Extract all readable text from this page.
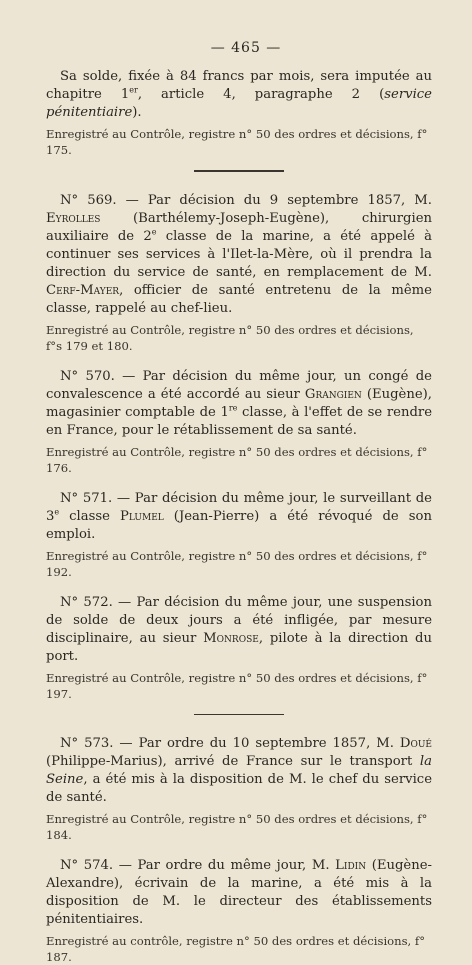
— 465 —

Sa solde, fixée à 84 francs par mois, sera imputée au chapitre 1er, article 4, paragraphe 2 (service pénitentiaire).

Enregistré au Contrôle, registre n° 50 des ordres et décisions, f° 175.

N° 569. — Par décision du 9 septembre 1857, M. Eyrolles (Barthélemy-Joseph-Eugène), chirurgien auxiliaire de 2e classe de la marine, a été appelé à continuer ses services à l'Ilet-la-Mère, où il prendra la direction du service de santé, en remplacement de M. Cerf-Mayer, officier de santé entretenu de la même classe, rappelé au chef-lieu.

Enregistré au Contrôle, registre n° 50 des ordres et décisions, f°s 179 et 180.

N° 570. — Par décision du même jour, un congé de convalescence a été accordé au sieur Grangien (Eugène), magasinier comptable de 1re classe, à l'effet de se rendre en France, pour le rétablissement de sa santé.

Enregistré au Contrôle, registre n° 50 des ordres et décisions, f° 176.

N° 571. — Par décision du même jour, le surveillant de 3e classe Plumel (Jean-Pierre) a été révoqué de son emploi.

Enregistré au Contrôle, registre n° 50 des ordres et décisions, f° 192.

N° 572. — Par décision du même jour, une suspension de solde de deux jours a été infligée, par mesure disciplinaire, au sieur Monrose, pilote à la direction du port.

Enregistré au Contrôle, registre n° 50 des ordres et décisions, f° 197.

N° 573. — Par ordre du 10 septembre 1857, M. Doué (Philippe-Marius), arrivé de France sur le transport la Seine, a été mis à la disposition de M. le chef du service de santé.

Enregistré au Contrôle, registre n° 50 des ordres et décisions, f° 184.

N° 574. — Par ordre du même jour, M. Lidin (Eugène-Alexandre), écrivain de la marine, a été mis à la disposition de M. le directeur des établissements pénitentiaires.

Enregistré au contrôle, registre n° 50 des ordres et décisions, f° 187.
